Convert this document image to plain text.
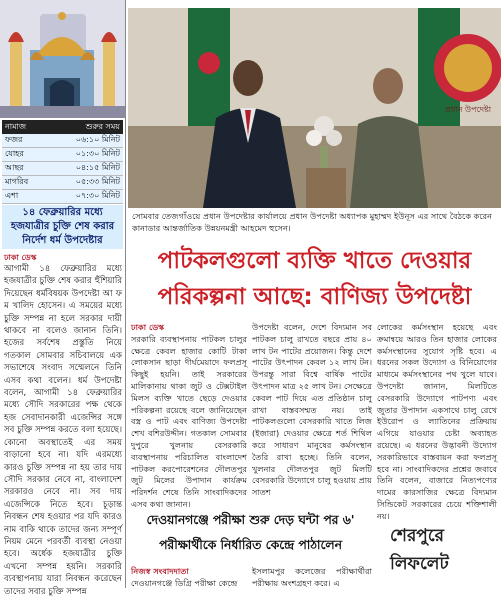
নামাজ	শুরুর সময়
ফজর	০৬:১০ মিনিট
যোহর	০১:৩০ মিনিট
আছর	০৪:১৫ মিনিট
মাগরিব	০৫:৩৩ মিনিট
এশা	০৭:৩০ মিনিট
১৪ ফেব্রুয়ারির মধ্যে হজযাত্রীর চুক্তি শেষ করার নির্দেশ ধর্ম উপদেষ্টার
ঢাকা ডেস্ক
আগামী ১৪ ফেব্রুয়ারির মধ্যে হজযাত্রীর চুক্তি শেষ করার হুঁশিয়ারি দিয়েছেন ধর্মবিষয়ক উপদেষ্টা আ ফ ম খালিদ হোসেন। এ সময়ের মধ্যে চুক্তি সম্পন্ন না হলে সরকার দায়ী থাকবে না বলেও জানান তিনি। হজের সর্বশেষ প্রস্তুতি নিয়ে গতকাল সোমবার সচিবালয়ে এক সভাশেষে সংবাদ সম্মেলনে তিনি এসব কথা বলেন। ধর্ম উপদেষ্টা বলেন, আগামী ১৪ ফেব্রুয়ারির মধ্যে সৌদি সরকারের পক্ষ থেকে হজ সেবাদানকারী এজেন্সির সঙ্গে সব চুক্তি সম্পন্ন করতে বলা হয়েছে। কোনো অবস্থাতেই এর সময় বাড়ানো হবে না। যদি এরমধ্যে কারও চুক্তি সম্পন্ন না হয় তার দায় সৌদি সরকার নেবে না, বাংলাদেশ সরকারও নেবে না। সব দায় এজেন্সিকে নিতে হবে। চূড়ান্ত নিবন্ধন শেষ হওয়ার পর যদি কারও নাম বাকি থাকে তাদের জন্য সম্পূর্ণ নিয়ম মেনে পরবর্তী ব্যবস্থা নেওয়া হবে। অর্ধেক হজযাত্রীর চুক্তি এখনো সম্পন্ন হয়নি। সরকারি ব্যবস্থাপনায় যারা নিবন্ধন করেছেন তাদের সবার চুক্তি সম্পন্ন
প্রধান উপদেষ্টা
সোমবার তেজগাঁওয়ে প্রধান উপদেষ্টার কার্যালয়ে প্রধান উপদেষ্টা অধ্যাপক মুহাম্মদ ইউনূস এর সাথে বৈঠকে করেন কানাডার আন্তর্জাতিক উন্নয়নমন্ত্রী আহমেদ হুসেন।
পাটকলগুলো ব্যক্তি খাতে দেওয়ার
পরিকল্পনা আছে: বাণিজ্য উপদেষ্টা
ঢাকা ডেস্ক
সরকারি ব্যবস্থাপনায় পাটকল চালুর ক্ষেত্রে কেবল হাজার কোটি টাকা লোকসান ছাড়া দীর্ঘমেয়াদে ফলপ্রসূ কিছুই হয়নি। তাই সরকারের মালিকানায় থাকা জুট ও টেক্সটাইল মিলস ব্যক্তি খাতে ছেড়ে দেওয়ার পরিকল্পনা রয়েছে বলে জানিয়েছেন বস্ত্র ও পাট এবং বাণিজ্য উপদেষ্টা শেখ বশিরউদ্দীন। গতকাল সোমবার দুপুরে খুলনায় বেসরকারি ব্যবস্থাপনায় পরিচালিত বাংলাদেশ পাটকল করপোরেশনের দৌলতপুর জুট মিলের উপাদান কার্যক্রম পরিদর্শন শেষে তিনি সাংবাদিকদের এসব কথা জানান।
উপদেষ্টা বলেন, দেশে বিদ্যমান সব পাটকল চালু রাখতে বছরে প্রায় ৪০ লাখ টন পাটের প্রয়োজন। কিন্তু দেশে পাটের উৎপাদন কেবল ১২ লাখ টন। উপরন্তু সারা বিশ্বে বার্ষিক পাটের উৎপাদন মাত্র ২৫ লাখ টন। সেক্ষেত্রে কেবল পাট দিয়ে এত প্রতিষ্ঠান চালু রাখা বাস্তবসম্মত নয়। তাই পাটকলগুলো বেসরকারি খাতে লিজ (ইজারা) দেওয়ার ক্ষেত্রে শর্ত শিথিল করে সাধারণ মানুষের কর্মসংস্থান তৈরি রাখা হচ্ছে। তিনি বলেন, খুলনার দৌলতপুর জুট মিলটি বেসরকারি উদ্যোগে চালু হওয়ায় প্রায় সাতশ
লোকের কর্মসংস্থান হয়েছে এবং ক্রমান্বয়ে আরও তিন হাজার লোকের কর্মসংস্থানের সুযোগ সৃষ্টি হবে। এ ধরনের সকল উদ্যোগ ও বিনিয়োগের মাধ্যমে কর্মসংস্থানের পথ খুলে যাবে। উপদেষ্টা জানান, মিলটিতে বেসরকারি উদ্যোগে পাটপণ্য এবং জুতার উপাদান একসাথে চালু রেখে ইউরোপ ও ল্যাতিনের প্রক্রিয়ায় এগিয়ে যাওয়ার চেষ্টা অব্যাহত রয়েছে। এ ধরনের উদ্ভাবনী উদ্যোগ সরকারিভাবে বাস্তবায়ন করা ফলপ্রসূ হবে না। সাংবাদিকদের প্রশ্নের জবাবে তিনি বলেন, বাজারে নিত্যপণ্যের দামের কারসাজির ক্ষেত্রে বিদ্যমান সিন্ডিকেট সরকারের চেয়ে শক্তিশালী নয়।
দেওয়ানগঞ্জে পরীক্ষা শুরু দেড় ঘন্টা পর ৬'
পরীক্ষার্থীকে নির্ধারিত কেন্দ্রে পাঠালেন
নিজস্ব সংবাদদাতা
দেওয়ানগঞ্জে ডিগ্রি পরীক্ষা কেন্দ্রে
ইসলামপুর কলেজের পরীক্ষার্থীরা পরীক্ষায় অংশগ্রহণ করে। এ
শেরপুরে
লিফলেট
